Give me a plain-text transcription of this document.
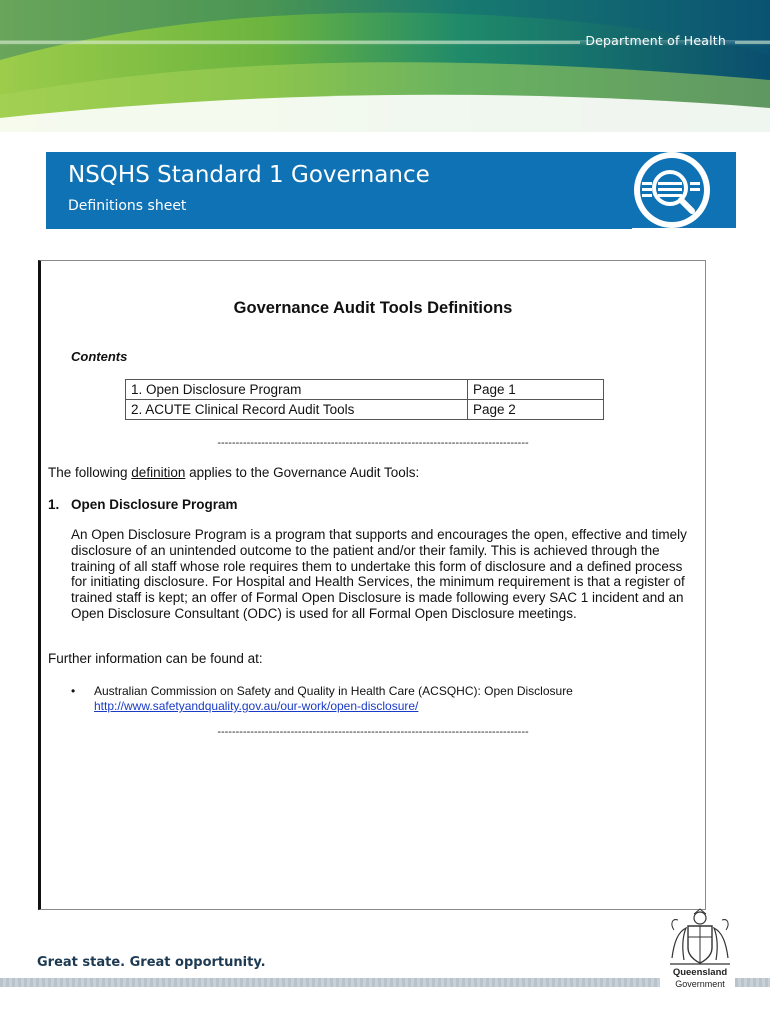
Department of Health
NSQHS Standard 1 Governance
Definitions sheet
Governance Audit Tools Definitions
Contents
1. Open Disclosure Program	Page 1
2. ACUTE Clinical Record Audit Tools	Page 2
-------------------------------------------------------------------------------------
The following definition applies to the Governance Audit Tools:
1. Open Disclosure Program
An Open Disclosure Program is a program that supports and encourages the open, effective and timely disclosure of an unintended outcome to the patient and/or their family. This is achieved through the training of all staff whose role requires them to undertake this form of disclosure and a defined process for initiating disclosure. For Hospital and Health Services, the minimum requirement is that a register of trained staff is kept; an offer of Formal Open Disclosure is made following every SAC 1 incident and an Open Disclosure Consultant (ODC) is used for all Formal Open Disclosure meetings.
Further information can be found at:
• Australian Commission on Safety and Quality in Health Care (ACSQHC): Open Disclosure
http://www.safetyandquality.gov.au/our-work/open-disclosure/
-------------------------------------------------------------------------------------
Great state. Great opportunity.
Queensland
Government
